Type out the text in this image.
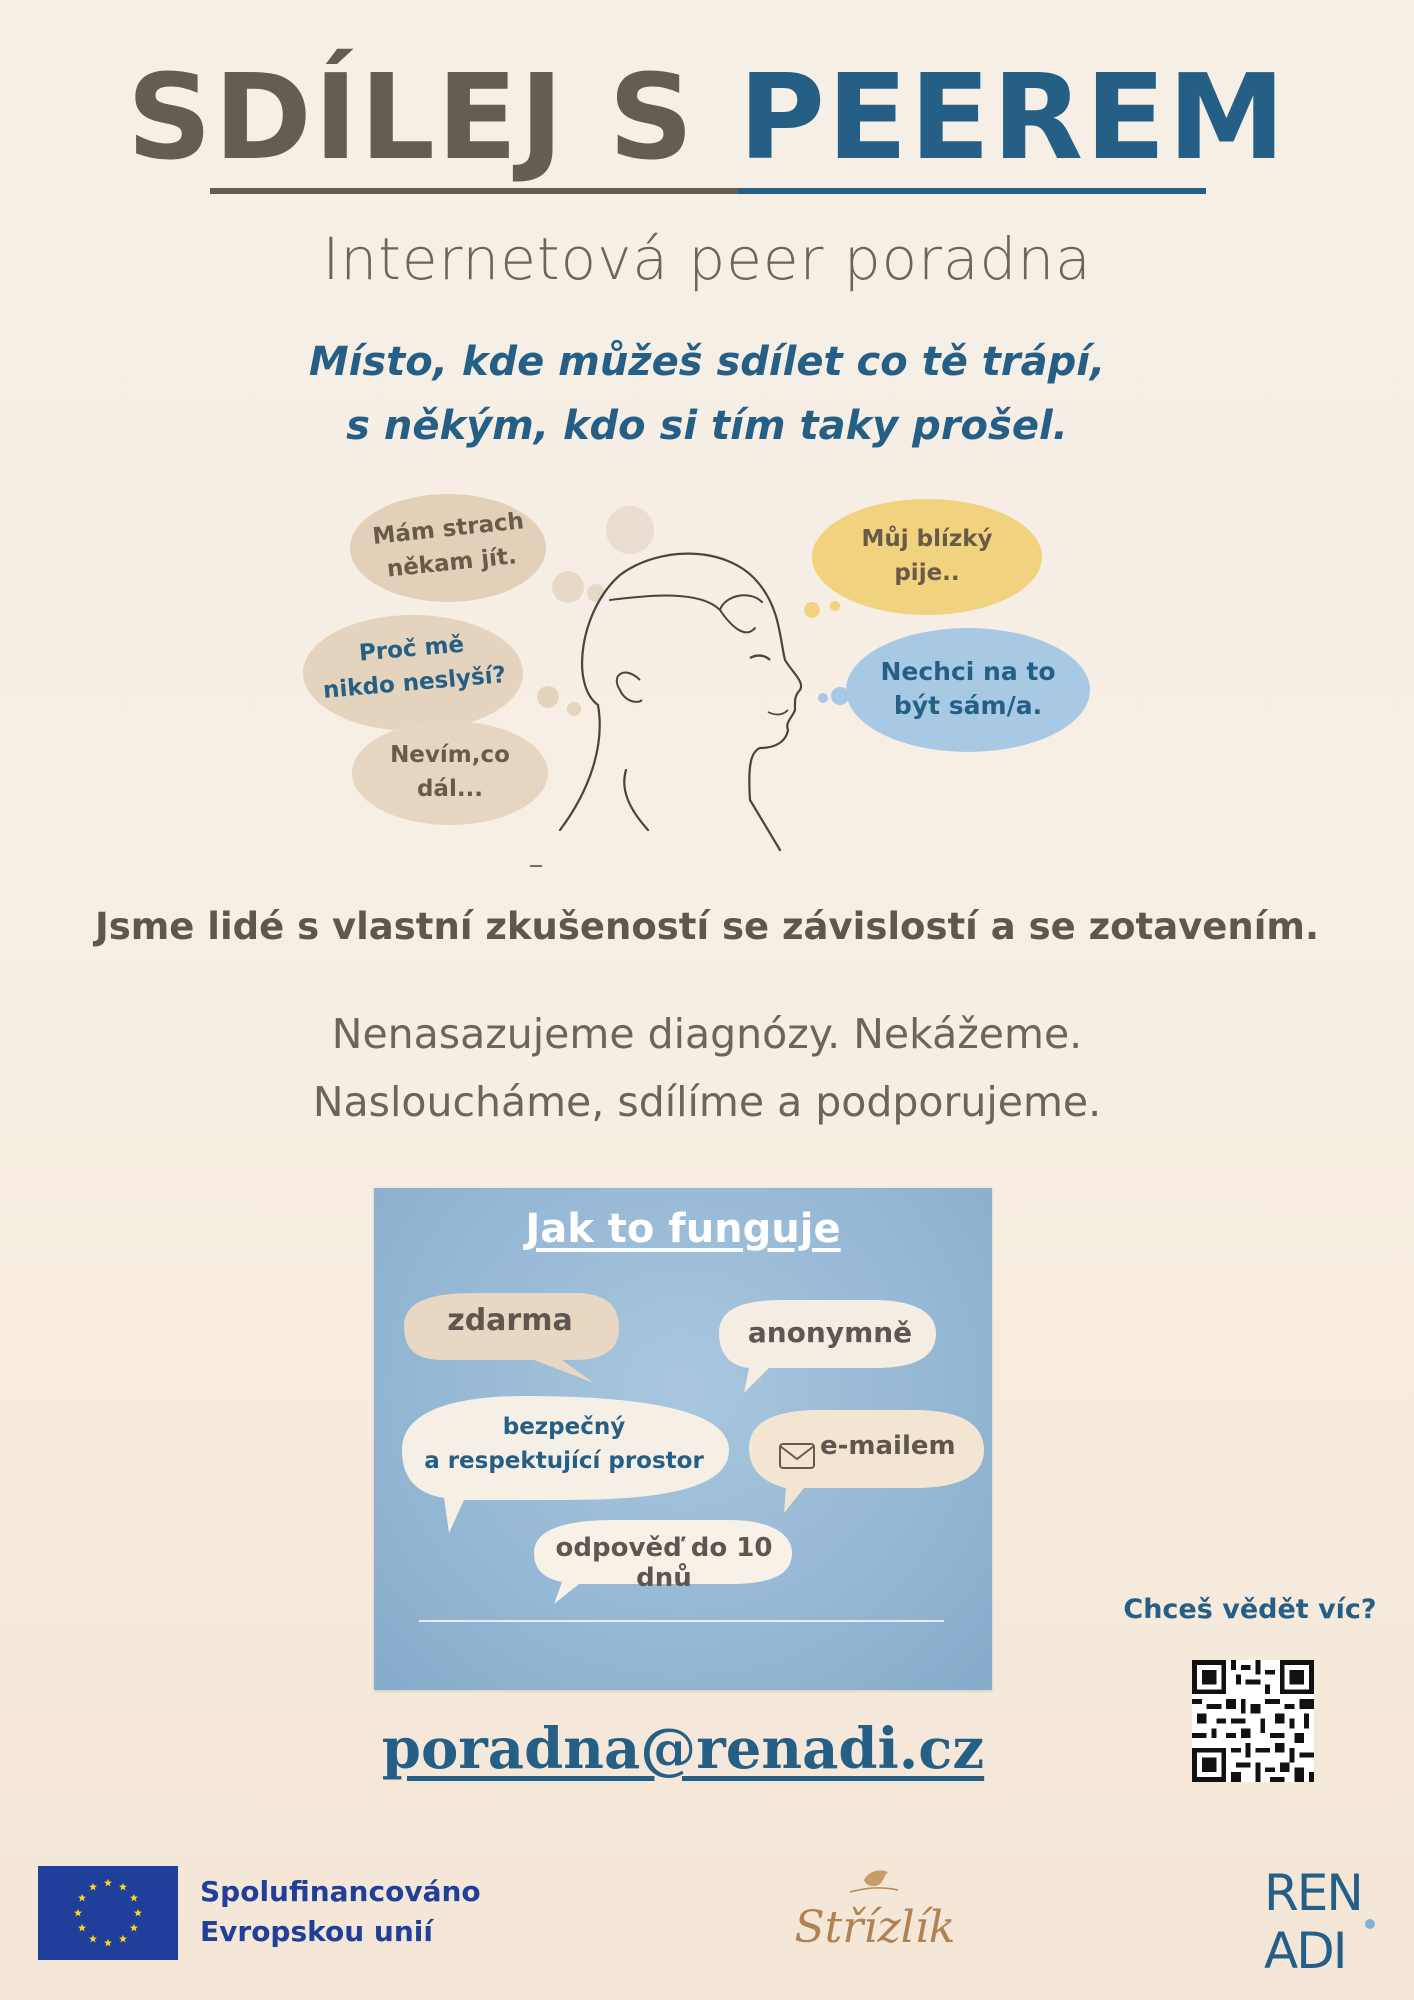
SDÍLEJ S PEEREM
Internetová peer poradna
Místo, kde můžeš sdílet co tě trápí,
s někým, kdo si tím taky prošel.
Mám strach
někam jít.
Proč mě
nikdo neslyší?
Nevím,co
dál...
Můj blízký
pije..
Nechci na to
být sám/a.
Jsme lidé s vlastní zkušeností se závislostí a se zotavením.
Nenasazujeme diagnózy. Nekážeme.
Nasloucháme, sdílíme a podporujeme.
Jak to funguje
zdarma	anonymně
bezpečný
a respektující prostor	e-mailem
odpověď do 10 dnů
poradna@renadi.cz
Chceš vědět víc?
Spolufinancováno
Evropskou unií	Střízlík
REN
ADI
